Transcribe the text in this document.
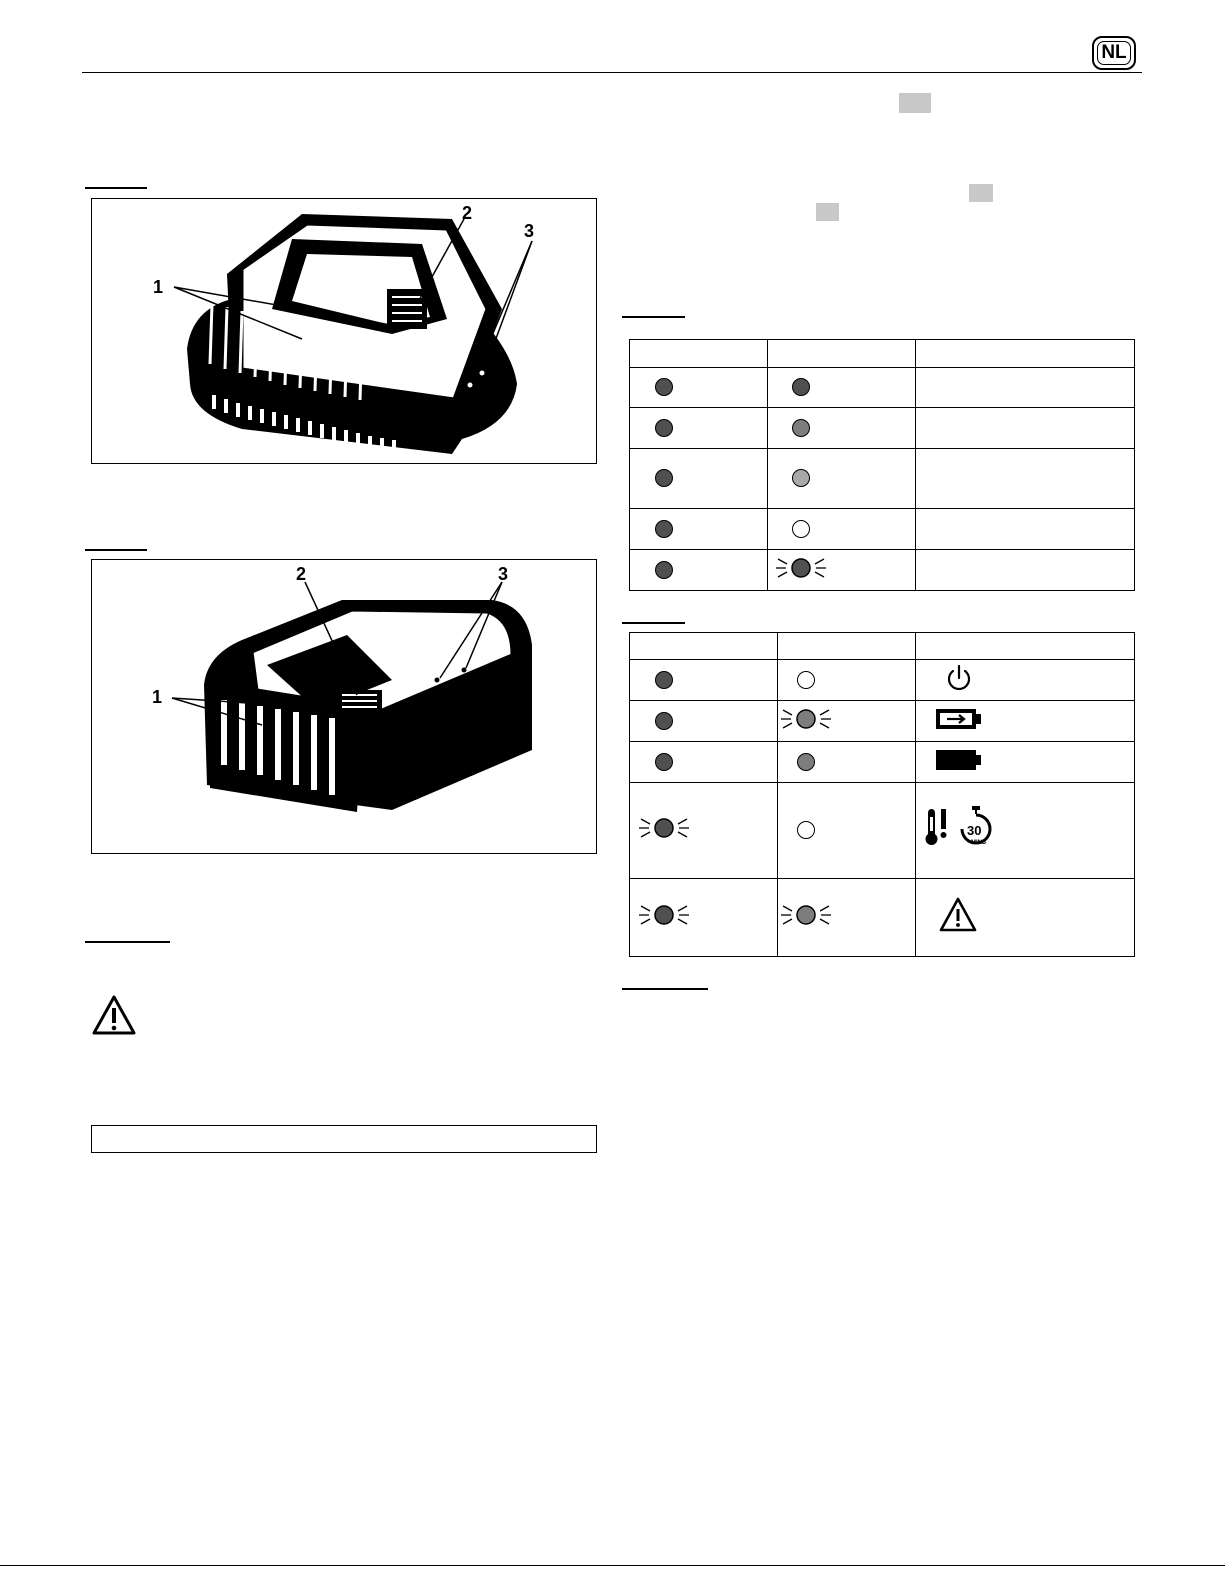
NL
1
2
3
1
2	3

30
MINS
